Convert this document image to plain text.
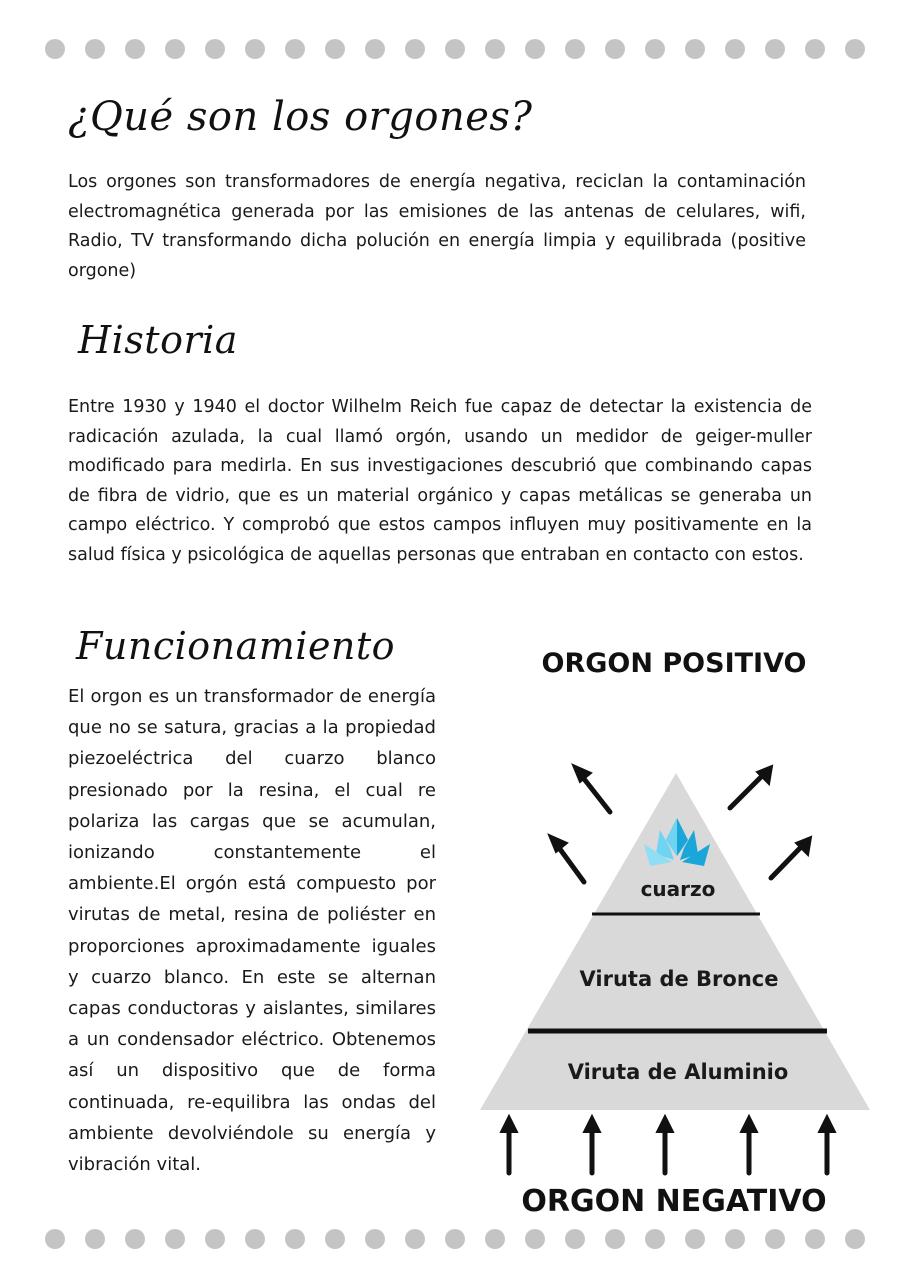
¿Qué son los orgones?

Los orgones son transformadores de energía negativa, reciclan la contaminación electromagnética generada por las emisiones de las antenas de celulares, wifi, Radio, TV transformando dicha polución en energía limpia y equilibrada (positive orgone)

Historia

Entre 1930 y 1940 el doctor Wilhelm Reich fue capaz de detectar la existencia de radicación azulada, la cual llamó orgón, usando un medidor de geiger-muller modificado para medirla. En sus investigaciones descubrió que combinando capas de fibra de vidrio, que es un material orgánico y capas metálicas se generaba un campo eléctrico. Y comprobó que estos campos influyen muy positivamente en la salud física y psicológica de aquellas personas que entraban en contacto con estos.

Funcionamiento

El orgon es un transformador de energía que no se satura, gracias a la propiedad piezoeléctrica del cuarzo blanco presionado por la resina, el cual re polariza las cargas que se acumulan, ionizando constantemente el ambiente.El orgón está compuesto por virutas de metal, resina de poliéster en proporciones aproximadamente iguales y cuarzo blanco. En este se alternan capas conductoras y aislantes, similares a un condensador eléctrico. Obtenemos así un dispositivo que de forma continuada, re-equilibra las ondas del ambiente devolviéndole su energía y vibración vital.

ORGON POSITIVO
cuarzo
Viruta de Bronce
Viruta de Aluminio
ORGON NEGATIVO
